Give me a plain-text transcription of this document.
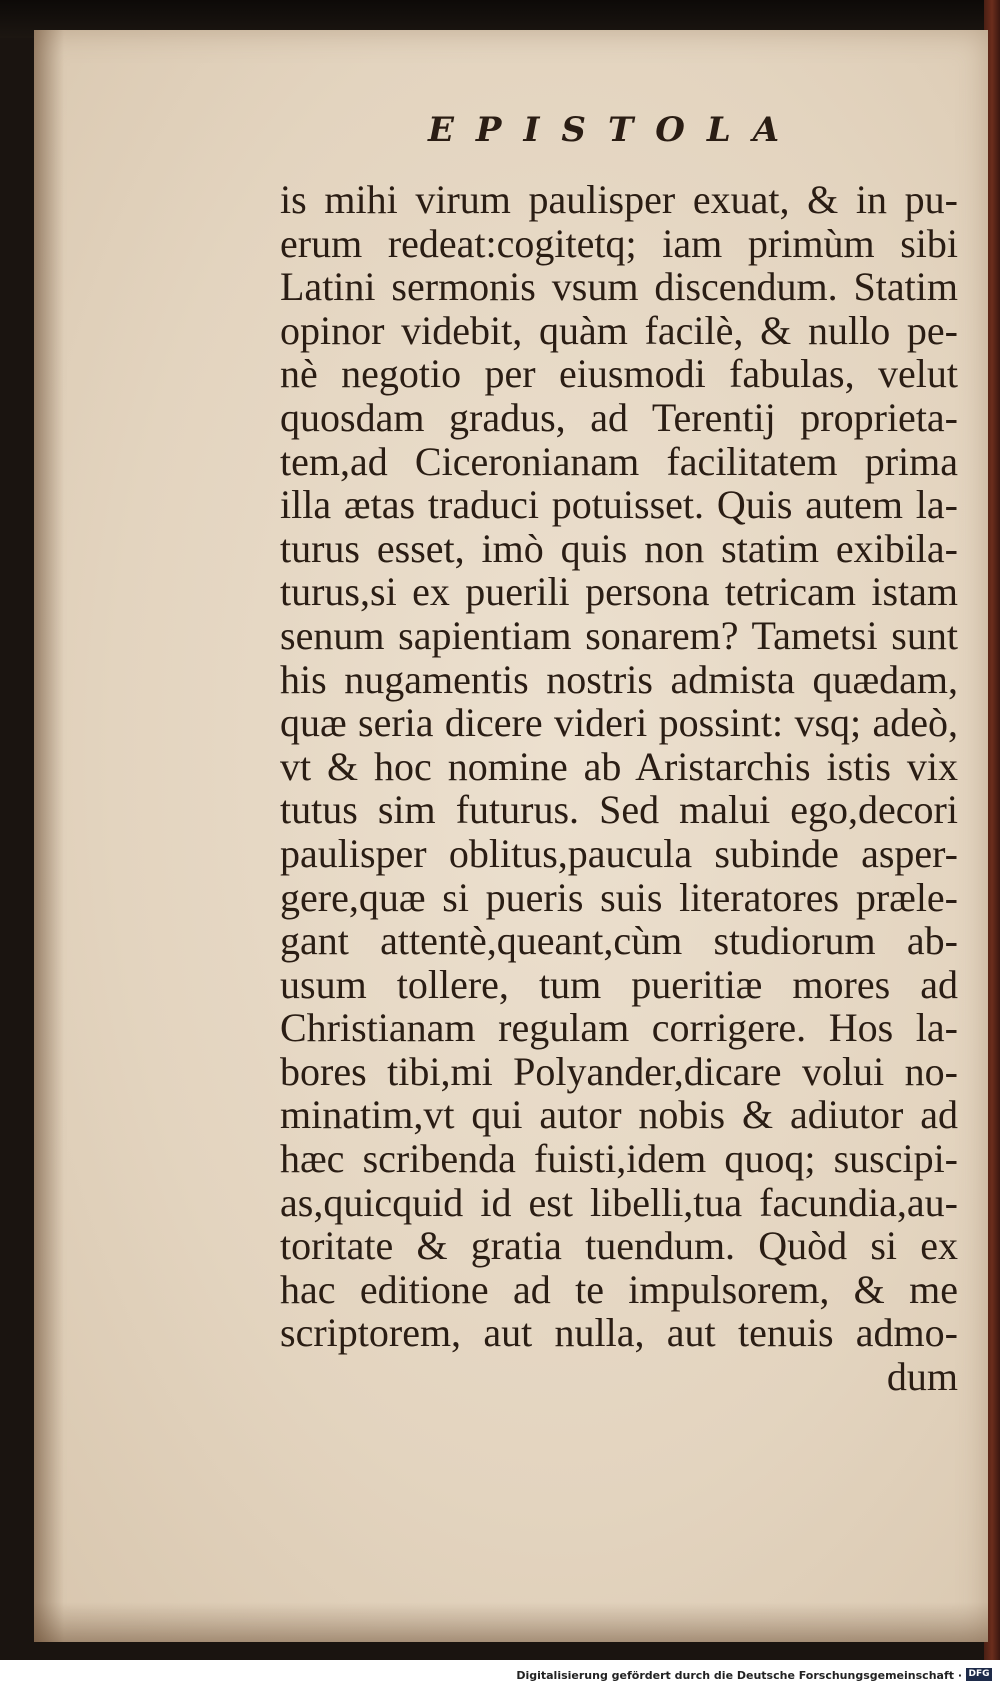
EPISTOLA
is mihi virum paulisper exuat, & in pu-
erum redeat:cogitetq; iam primùm sibi
Latini sermonis vsum discendum. Statim
opinor videbit, quàm facilè, & nullo pe-
nè negotio per eiusmodi fabulas, velut
quosdam gradus, ad Terentij proprieta-
tem,ad Ciceronianam facilitatem prima
illa ætas traduci potuisset. Quis autem la-
turus esset, imò quis non statim exibila-
turus,si ex puerili persona tetricam istam
senum sapientiam sonarem? Tametsi sunt
his nugamentis nostris admista quædam,
quæ seria dicere videri possint: vsq; adeò,
vt & hoc nomine ab Aristarchis istis vix
tutus sim futurus. Sed malui ego,decori
paulisper oblitus,paucula subinde asper-
gere,quæ si pueris suis literatores præle-
gant attentè,queant,cùm studiorum ab-
usum tollere, tum pueritiæ mores ad
Christianam regulam corrigere. Hos la-
bores tibi,mi Polyander,dicare volui no-
minatim,vt qui autor nobis & adiutor ad
hæc scribenda fuisti,idem quoq; suscipi-
as,quicquid id est libelli,tua facundia,au-
toritate & gratia tuendum. Quòd si ex
hac editione ad te impulsorem, & me
scriptorem, aut nulla, aut tenuis admo-
dum
Digitalisierung gefördert durch die Deutsche Forschungsgemeinschaft · DFG
